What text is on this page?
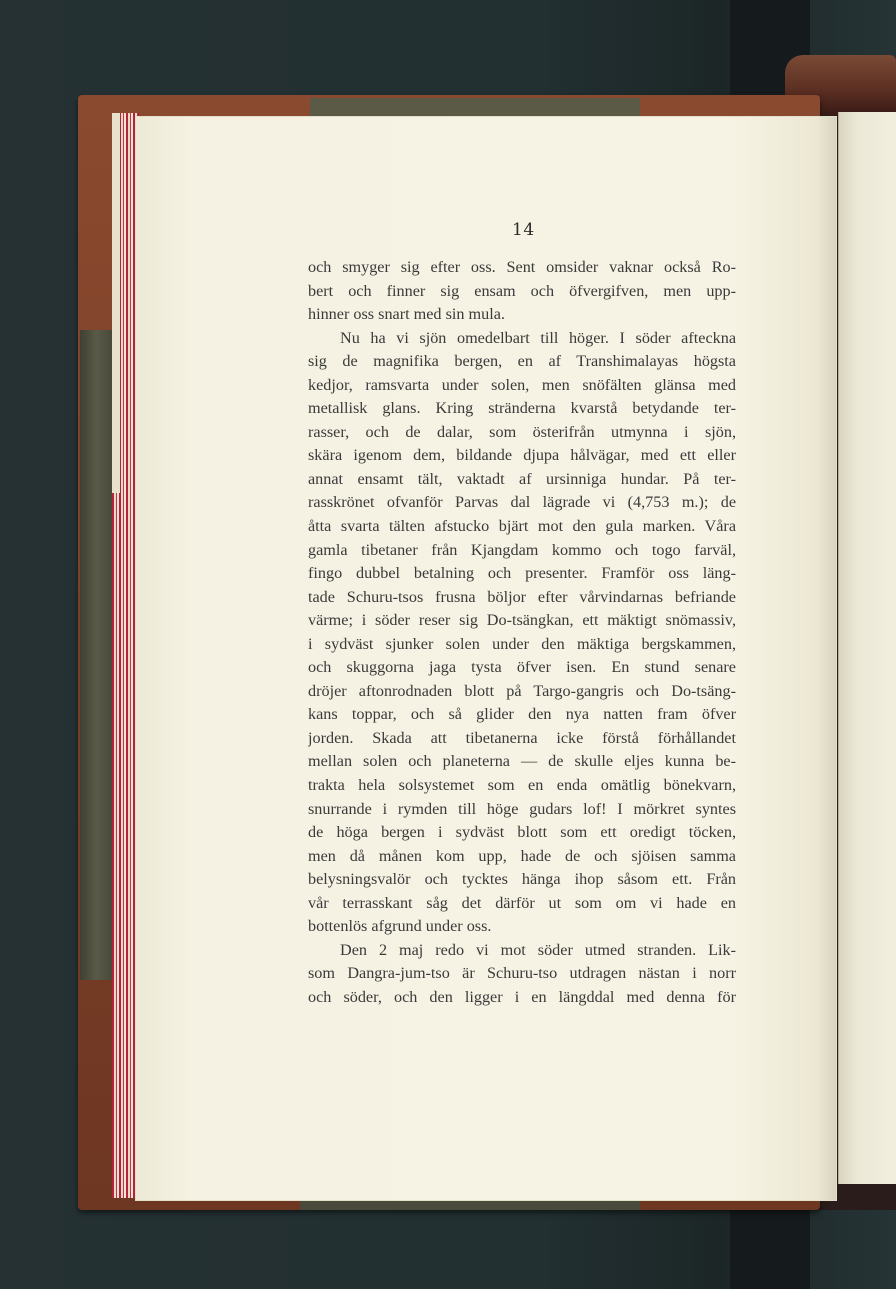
14
och smyger sig efter oss. Sent omsider vaknar också Ro-
bert och finner sig ensam och öfvergifven, men upp-
hinner oss snart med sin mula.
Nu ha vi sjön omedelbart till höger. I söder afteckna
sig de magnifika bergen, en af Transhimalayas högsta
kedjor, ramsvarta under solen, men snöfälten glänsa med
metallisk glans. Kring stränderna kvarstå betydande ter-
rasser, och de dalar, som österifrån utmynna i sjön,
skära igenom dem, bildande djupa hålvägar, med ett eller
annat ensamt tält, vaktadt af ursinniga hundar. På ter-
rasskrönet ofvanför Parvas dal lägrade vi (4,753 m.); de
åtta svarta tälten afstucko bjärt mot den gula marken. Våra
gamla tibetaner från Kjangdam kommo och togo farväl,
fingo dubbel betalning och presenter. Framför oss läng-
tade Schuru-tsos frusna böljor efter vårvindarnas befriande
värme; i söder reser sig Do-tsängkan, ett mäktigt snömassiv,
i sydväst sjunker solen under den mäktiga bergskammen,
och skuggorna jaga tysta öfver isen. En stund senare
dröjer aftonrodnaden blott på Targo-gangris och Do-tsäng-
kans toppar, och så glider den nya natten fram öfver
jorden. Skada att tibetanerna icke förstå förhållandet
mellan solen och planeterna — de skulle eljes kunna be-
trakta hela solsystemet som en enda omätlig bönekvarn,
snurrande i rymden till höge gudars lof! I mörkret syntes
de höga bergen i sydväst blott som ett oredigt töcken,
men då månen kom upp, hade de och sjöisen samma
belysningsvalör och tycktes hänga ihop såsom ett. Från
vår terrasskant såg det därför ut som om vi hade en
bottenlös afgrund under oss.
Den 2 maj redo vi mot söder utmed stranden. Lik-
som Dangra-jum-tso är Schuru-tso utdragen nästan i norr
och söder, och den ligger i en längddal med denna för
